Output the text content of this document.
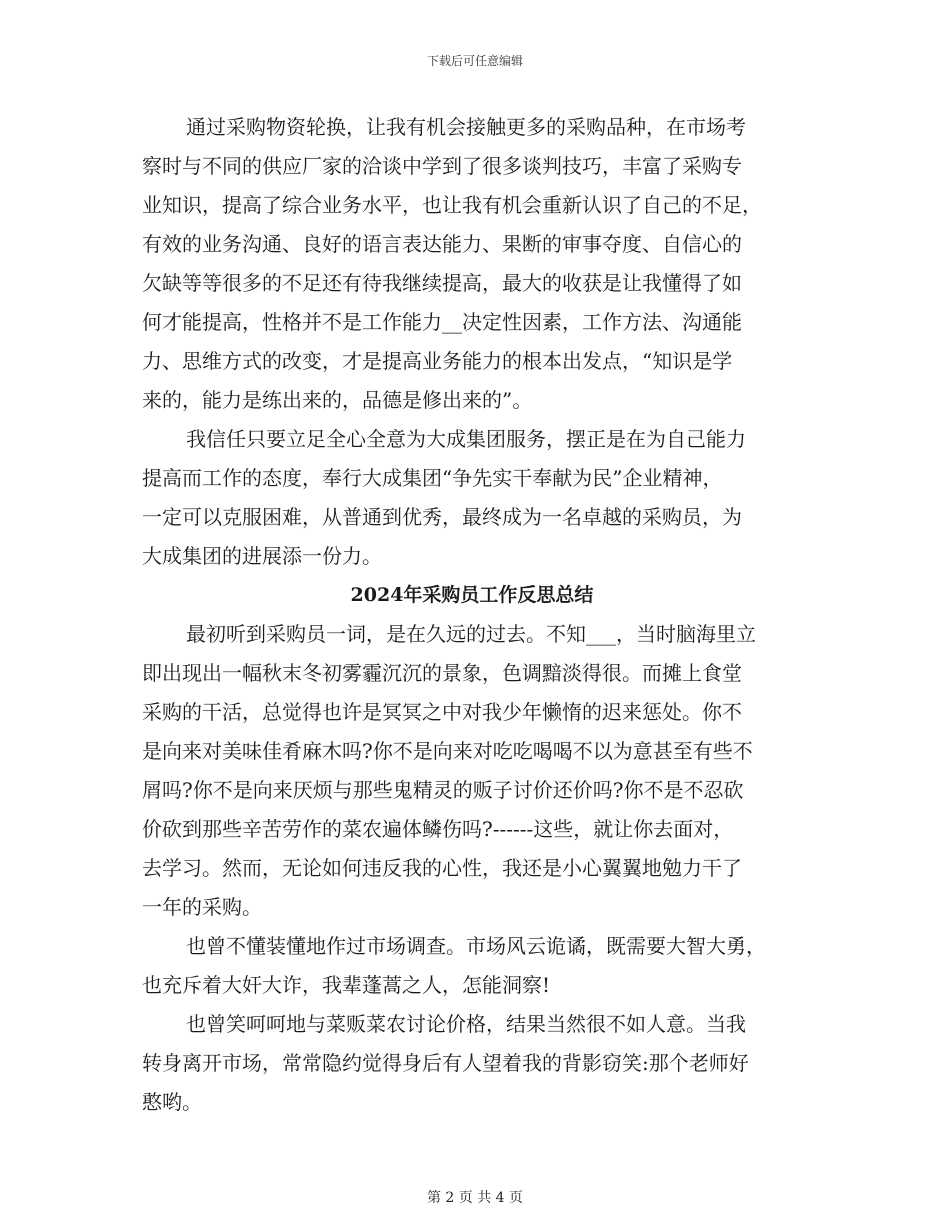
下载后可任意编辑
通过采购物资轮换，让我有机会接触更多的采购品种，在市场考
察时与不同的供应厂家的洽谈中学到了很多谈判技巧，丰富了采购专
业知识，提高了综合业务水平，也让我有机会重新认识了自己的不足，
有效的业务沟通、良好的语言表达能力、果断的审事夺度、自信心的
欠缺等等很多的不足还有待我继续提高，最大的收获是让我懂得了如
何才能提高，性格并不是工作能力__决定性因素，工作方法、沟通能
力、思维方式的改变，才是提高业务能力的根本出发点，“知识是学
来的，能力是练出来的，品德是修出来的”。
我信任只要立足全心全意为大成集团服务，摆正是在为自己能力
提高而工作的态度，奉行大成集团“争先实干奉献为民”企业精神，
一定可以克服困难，从普通到优秀，最终成为一名卓越的采购员，为
大成集团的进展添一份力。
2024年采购员工作反思总结
最初听到采购员一词，是在久远的过去。不知___，当时脑海里立
即出现出一幅秋末冬初雾霾沉沉的景象，色调黯淡得很。而摊上食堂
采购的干活，总觉得也许是冥冥之中对我少年懒惰的迟来惩处。你不
是向来对美味佳肴麻木吗?你不是向来对吃吃喝喝不以为意甚至有些不
屑吗?你不是向来厌烦与那些鬼精灵的贩子讨价还价吗?你不是不忍砍
价砍到那些辛苦劳作的菜农遍体鳞伤吗?------这些，就让你去面对，
去学习。然而，无论如何违反我的心性，我还是小心翼翼地勉力干了
一年的采购。
也曾不懂装懂地作过市场调查。市场风云诡谲，既需要大智大勇，
也充斥着大奸大诈，我辈蓬蒿之人，怎能洞察!
也曾笑呵呵地与菜贩菜农讨论价格，结果当然很不如人意。当我
转身离开市场，常常隐约觉得身后有人望着我的背影窃笑:那个老师好
憨哟。
第 2 页 共 4 页
